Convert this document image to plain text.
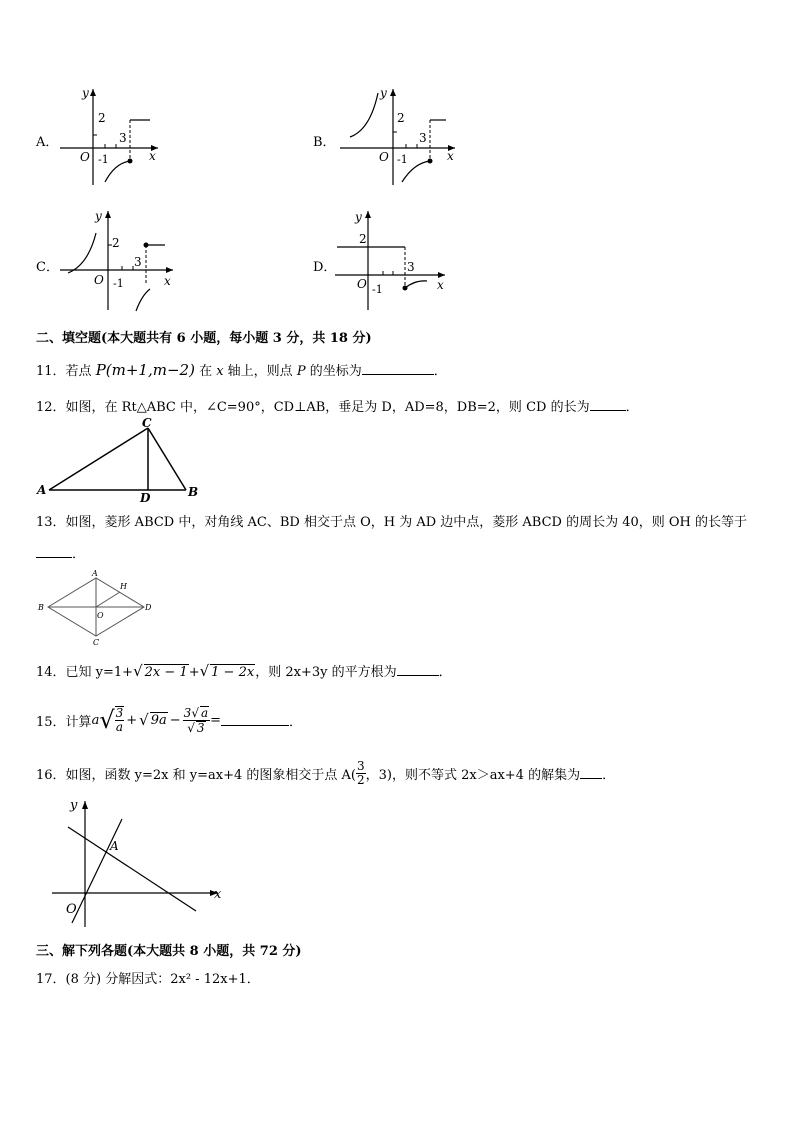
A．
y
x
O
2
-1
3	B．
y
x
O
2
-1
3
C．
y
x
O
2
-1
3	D．
y
x
O
2
-1
3
二、填空题(本大题共有 6 小题，每小题 3 分，共 18 分)
11．若点 P(m+1,m−2) 在 x 轴上，则点 P 的坐标为	．
12．如图，在 Rt△ABC 中，∠C=90°，CD⊥AB，垂足为 D，AD=8，DB=2，则 CD 的长为	．
A	B
C
D
13．如图，菱形 ABCD 中，对角线 AC、BD 相交于点 O，H 为 AD 边中点，菱形 ABCD 的周长为 40，则 OH 的长等于
．
A
B
C
D
H
O
14．已知 y=1+√ 2x − 1+√ 1 − 2x，则 2x+3y 的平方根为	．
15． 计算 a √ $\frac{3}{a}$ + √ $9a - \frac{3√ a}{√ 3}$ =	．
16． 如图，函数 y=2x 和 y=ax+4 的图象相交于点 $A( \frac{3}{2}$ ，3)，则不等式 2x＞ax+4 的解集为 ．
y
x
O
A
三、解下列各题(本大题共 8 小题，共 72 分)
17．(8 分) 分解因式：2x² - 12x+1．
